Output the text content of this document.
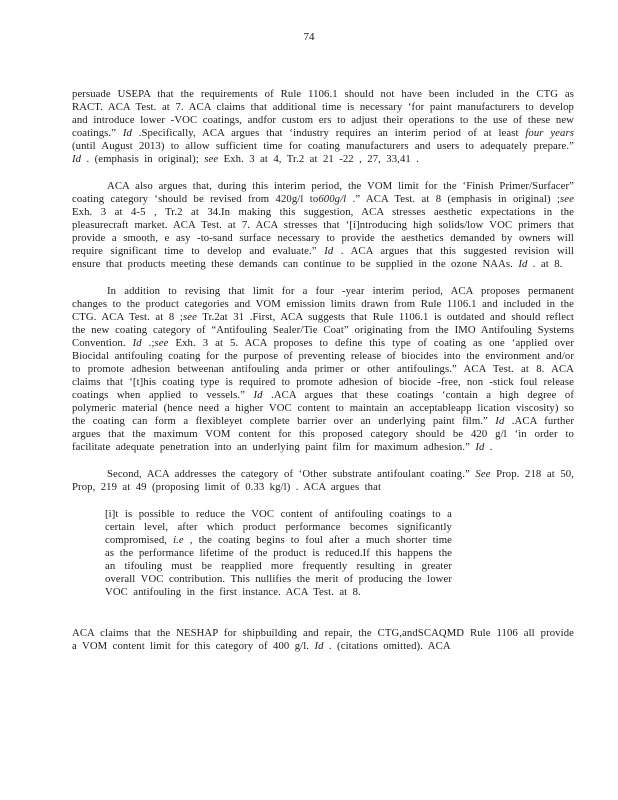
74

persuade USEPA that the requirements of Rule 1106.1 should not have been included in the CTG as RACT. ACA Test. at 7. ACA claims that additional time is necessary ‘for paint manufacturers to develop and introduce lower -VOC coatings, andfor custom ers to adjust their operations to the use of these new coatings.” Id .Specifically, ACA argues that ‘industry requires an interim period of at least four years (until August 2013) to allow sufficient time for coating manufacturers and users to adequately prepare.” Id . (emphasis in original); see Exh. 3 at 4, Tr.2 at 21 -22 , 27, 33,41 .

ACA also argues that, during this interim period, the VOM limit for the ‘Finish Primer/Surfacer” coating category ‘should be revised from 420g/l to600g/l .” ACA Test. at 8 (emphasis in original) ;see Exh. 3 at 4-5 , Tr.2 at 34.In making this suggestion, ACA stresses aesthetic expectations in the pleasurecraft market. ACA Test. at 7. ACA stresses that ‘[i]ntroducing high solids/low VOC primers that provide a smooth, e asy -to-sand surface necessary to provide the aesthetics demanded by owners will require significant time to develop and evaluate.” Id . ACA argues that this suggested revision will ensure that products meeting these demands can continue to be supplied in the ozone NAAs. Id . at 8.

In addition to revising that limit for a four -year interim period, ACA proposes permanent changes to the product categories and VOM emission limits drawn from Rule 1106.1 and included in the CTG. ACA Test. at 8 ;see Tr.2at 31 .First, ACA suggests that Rule 1106.1 is outdated and should reflect the new coating category of “Antifouling Sealer/Tie Coat” originating from the IMO Antifouling Systems Convention. Id .;see Exh. 3 at 5. ACA proposes to define this type of coating as one ‘applied over Biocidal antifouling coating for the purpose of preventing release of biocides into the environment and/or to promote adhesion betweenan antifouling anda primer or other antifoulings.” ACA Test. at 8. ACA claims that ‘[t]his coating type is required to promote adhesion of biocide -free, non -stick foul release coatings when applied to vessels.” Id .ACA argues that these coatings ‘contain a high degree of polymeric material (hence need a higher VOC content to maintain an acceptableapp lication viscosity) so the coating can form a flexibleyet complete barrier over an underlying paint film.” Id .ACA further argues that the maximum VOM content for this proposed category should be 420 g/l ‘in order to facilitate adequate penetration into an underlying paint film for maximum adhesion.” Id .

Second, ACA addresses the category of ‘Other substrate antifoulant coating.” See Prop. 218 at 50, Prop, 219 at 49 (proposing limit of 0.33 kg/l) . ACA argues that

[i]t is possible to reduce the VOC content of antifouling coatings to a certain level, after which product performance becomes significantly compromised, i.e , the coating begins to foul after a much shorter time as the performance lifetime of the product is reduced.If this happens the an tifouling must be reapplied more frequently resulting in greater overall VOC contribution. This nullifies the merit of producing the lower VOC antifouling in the first instance. ACA Test. at 8.

ACA claims that the NESHAP for shipbuilding and repair, the CTG,andSCAQMD Rule 1106 all provide a VOM content limit for this category of 400 g/l. Id . (citations omitted). ACA
